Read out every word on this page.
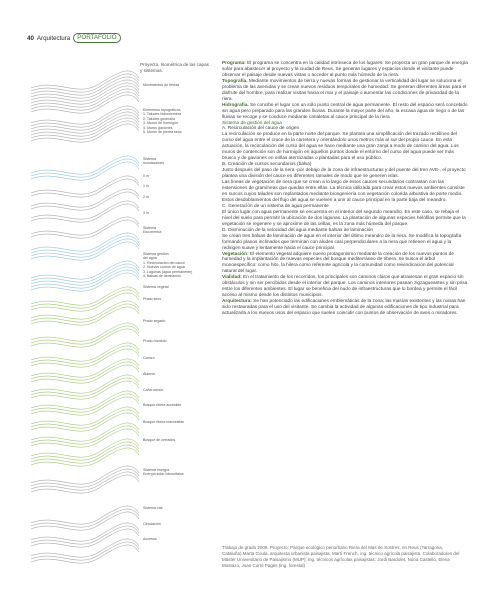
40 Arquitectura	PORTAFOLIO
Proyecto. Isométrica de las capas y sistemas.
Movimientos de tierras
Elementos topográficos
1. Taludes hidrosiembra
2. Taludes geomalla
3. Muros de hormigón
4. Muros gaviones
5. Muros de piedra seca
Sistema
inundaciones
0 m
1 m
2 m
3 m
Sistema
Escorrentía
Sistema gestión
del agua
1. Recirculación del cauce
2. Nuevos cursos de agua
3. Lagunas (agua permanente)
4. Balsas de laminación
Sistema vegetal
Prado seco
Prado segado
Prado húmedo
Carrizo
Álamos
Caña común
Bosque ribera accesible
Bosque ribera inaccesible
Bosque de cerrados
Sistema energía
Energía solar fotovoltaica
Sistema vial
Circulación
Accesos

Programa: El programa se concentra en la calidad intrínseca de los lugares. Se proyecta un gran parque de energía solar para abastecer al proyecto y la ciudad de Reus. Se generan lugares y espacios donde el visitante puede observar el paisaje desde nuevas vistas o acceder al punto más húmedo de la riera.

Topografía. Mediante movimientos de tierra y nuevas formas de gestionar la verticalidad del lugar se soluciona el problema de las avenidas y se crean nuevos residuos temporales de humedad. Se generan diferentes áreas para el disfrute del hombre, para realizar visitas hacia el mar y el paisaje o aumentar las condiciones de privacidad de la riera.

Hidrografía. Se concibe el lugar con un sólo punto central de agua permanente. El resto del espacio será concebido sin agua pero preparado para las grandes lluvias. Durante la mayor parte del año, la escasa agua de riego o de las lluvias se recoge y se conduce mediante canaletas al cauce principal de la riera.

Sistema de gestión del agua

A. Recirculación del cauce de origen

La recirculación se produce en la parte norte del parque. Se plantea una simplificación del trazado rectilíneo del curso del agua entre el cruce de la carretera y orientándolo unos metros más al sur del propio cauce. En esta actuación, la recirculación del curso del agua se hace mediante una gran zanja a modo de camino del agua. Los muros de contención son de hormigón en aquellos puntos donde el entorno del curso del agua puede ser más brusco y de gaviones en orillas aterrazadas o plantadas para el uso público.

B. Creación de cursos secundarios (balsa)

Justo después del paso de la riera -por debajo de la zona de infraestructuras y del puente del tren AVE-, el proyecto plantea una división del cauce en diferentes ramales de modo que se generen islas.

Las líneas de vegetación de riera que se crean a lo largo de estos cauces secundarios contrastan con las extensiones de gramíneas que quedan entre ellas. La técnica utilizada para crear estos nuevos ambientes consiste en surcos cuyos taludes son replantados mediante biongeniería con vegetación colorida arbustiva de porte medio. Estos desdoblamientos del flujo del agua se vuelven a unir al cauce principal en la parte baja del meandro.

C. Generación de un sistema de agua permanente

El único lugar con agua permanente se encuentra en el interior del segundo meandro. En este caso, se rebaja el nivel del suelo para permitir la ubicación de dos lagunas. La plantación de algunas especies helófilas permite que la vegetación se regenere y se aproxime de las orillas, es la zona más húmeda del parque.

D. Disminución de la velocidad del agua mediante balsas de laminación

Se crean tres balsas de laminación de agua en el interior del último meandro de la riera. Se modifica la topografía formando planos inclinados que terminan con aludes casi perpendiculares a la riera que retienen el agua y la redirigen suave y lentamente hacia el cauce principal.

Vegetación: El elemento vegetal adquiere nuevo protagonismo mediante la creación de los nuevos puntos de humedad y la implantación de nuevas especies del bosque mediterráneo de ribera. Se busca el árbol monoespecífico: como hito, la hilera como referente agrícola y la comunidad como reivindicación del potencial natural del lugar.

Vialidad: En el tratamiento de los recorridos, los principales son caminos claros que atraviesan el gran espacio sin obstáculos y sin ser percibidos desde el interior del parque. Los caminos interiores pasean zigzagueantes y sin prisa entre los diferentes ambientes. El lugar se beneficia del nudo de infraestructuras que lo bordea y permite el fácil acceso al mismo desde los distintos municipios.

Arquitectura: Se han potenciado las edificaciones emblemáticas de la zona; las masías existentes y las ruinas han sido restauradas para el uso del visitante. Se cambia la actividad de algunas edificaciones de tipo industrial para actualizarla a los nuevos usos del espacio que suelen coincidir con puntos de observación de aves o miradores.

Trabajo de grado 2009. Proyecto: Parque ecológico periurbano Riera del Mas de Sostres, en Reus (Tarragona, Cataluña).Marta Goula, arquitecta urbanista paisajista; Martí French, ing. técnico agrícola paisajista. Colaboradores del Máster Universitario de Paisajismo (MUP): ing. técnicos agrícolas paisajistas: Jordi Bardolet, Núria Castelló, Elena Mostazo, Joan Curtó Pagès (ing. forestal)
